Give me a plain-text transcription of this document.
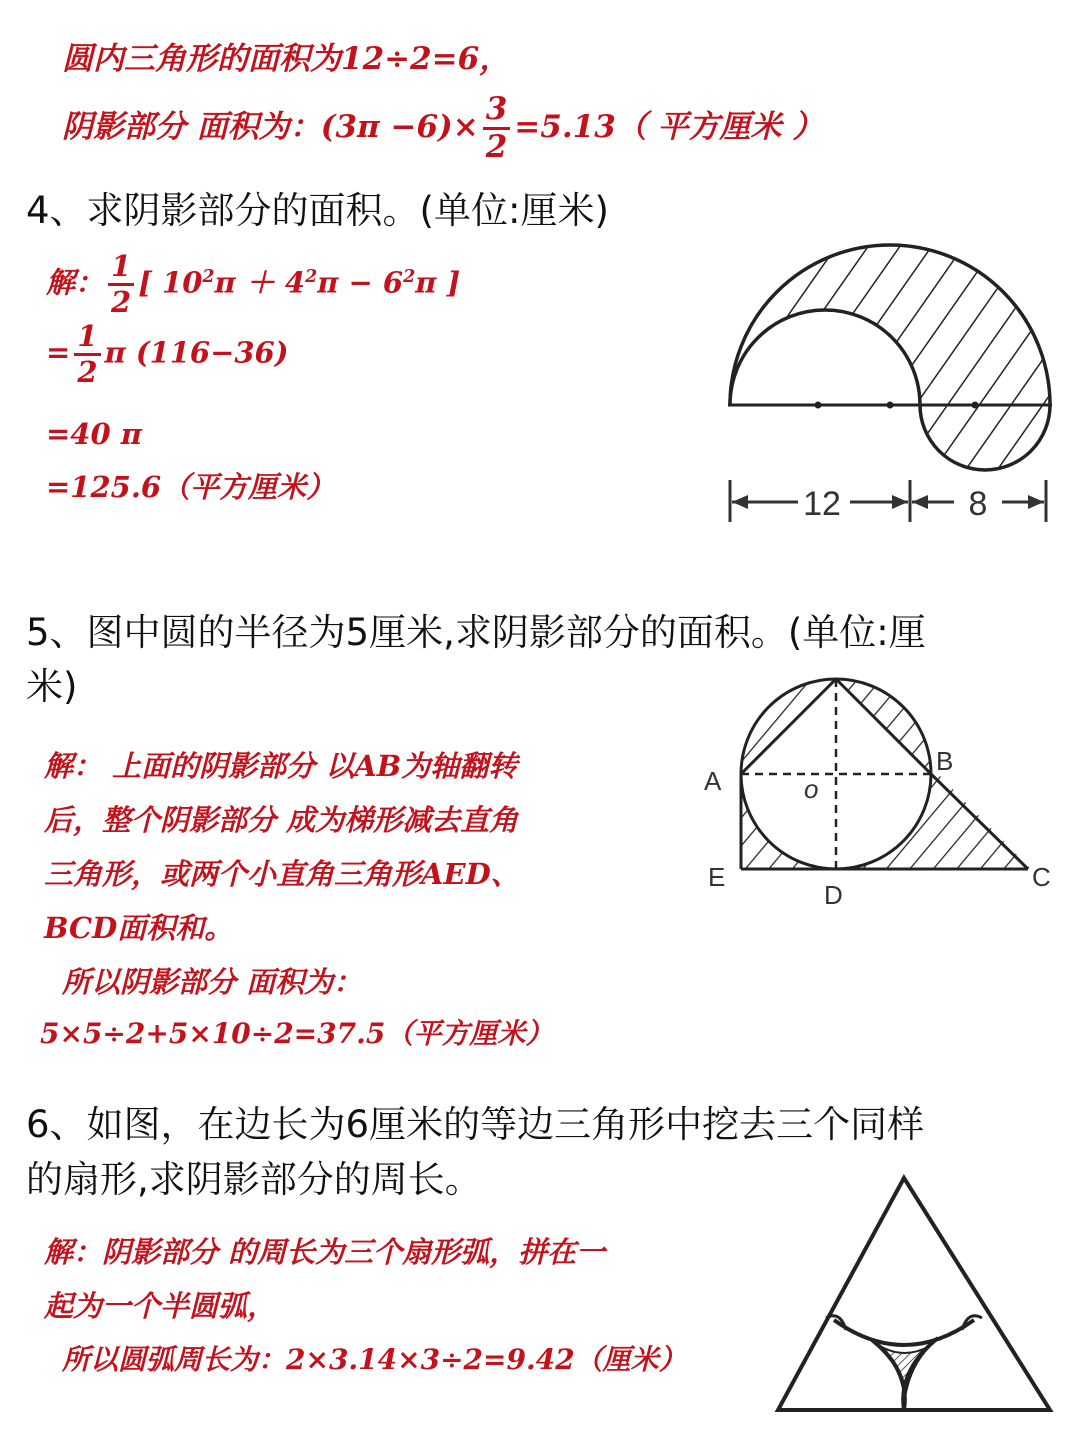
圆内三角形的面积为12÷2=6，
阴影部分 面积为：$(3\pi -6)\times \frac{3}{2} =5.13$（ 平方厘米 ）
4、求阴影部分的面积。(单位:厘米)
解： $\frac{1}{2}$ [ $10^2\pi + 4^2\pi - 6^2\pi$ ]
= $\frac{1}{2}$ π (116−36)
=40 π
=125.6（平方厘米）	12	8
5、图中圆的半径为5厘米,求阴影部分的面积。(单位:厘
米)
解： 上面的阴影部分 以AB为轴翻转
后，整个阴影部分 成为梯形减去直角
三角形，或两个小直角三角形AED、
BCD面积和。
所以阴影部分 面积为：
5×5÷2+5×10÷2=37.5（平方厘米）
A
B
o
E
D
C
6、如图，在边长为6厘米的等边三角形中挖去三个同样
的扇形,求阴影部分的周长。
解：阴影部分 的周长为三个扇形弧，拼在一
起为一个半圆弧，
所以圆弧周长为：2×3.14×3÷2=9.42（厘米）
